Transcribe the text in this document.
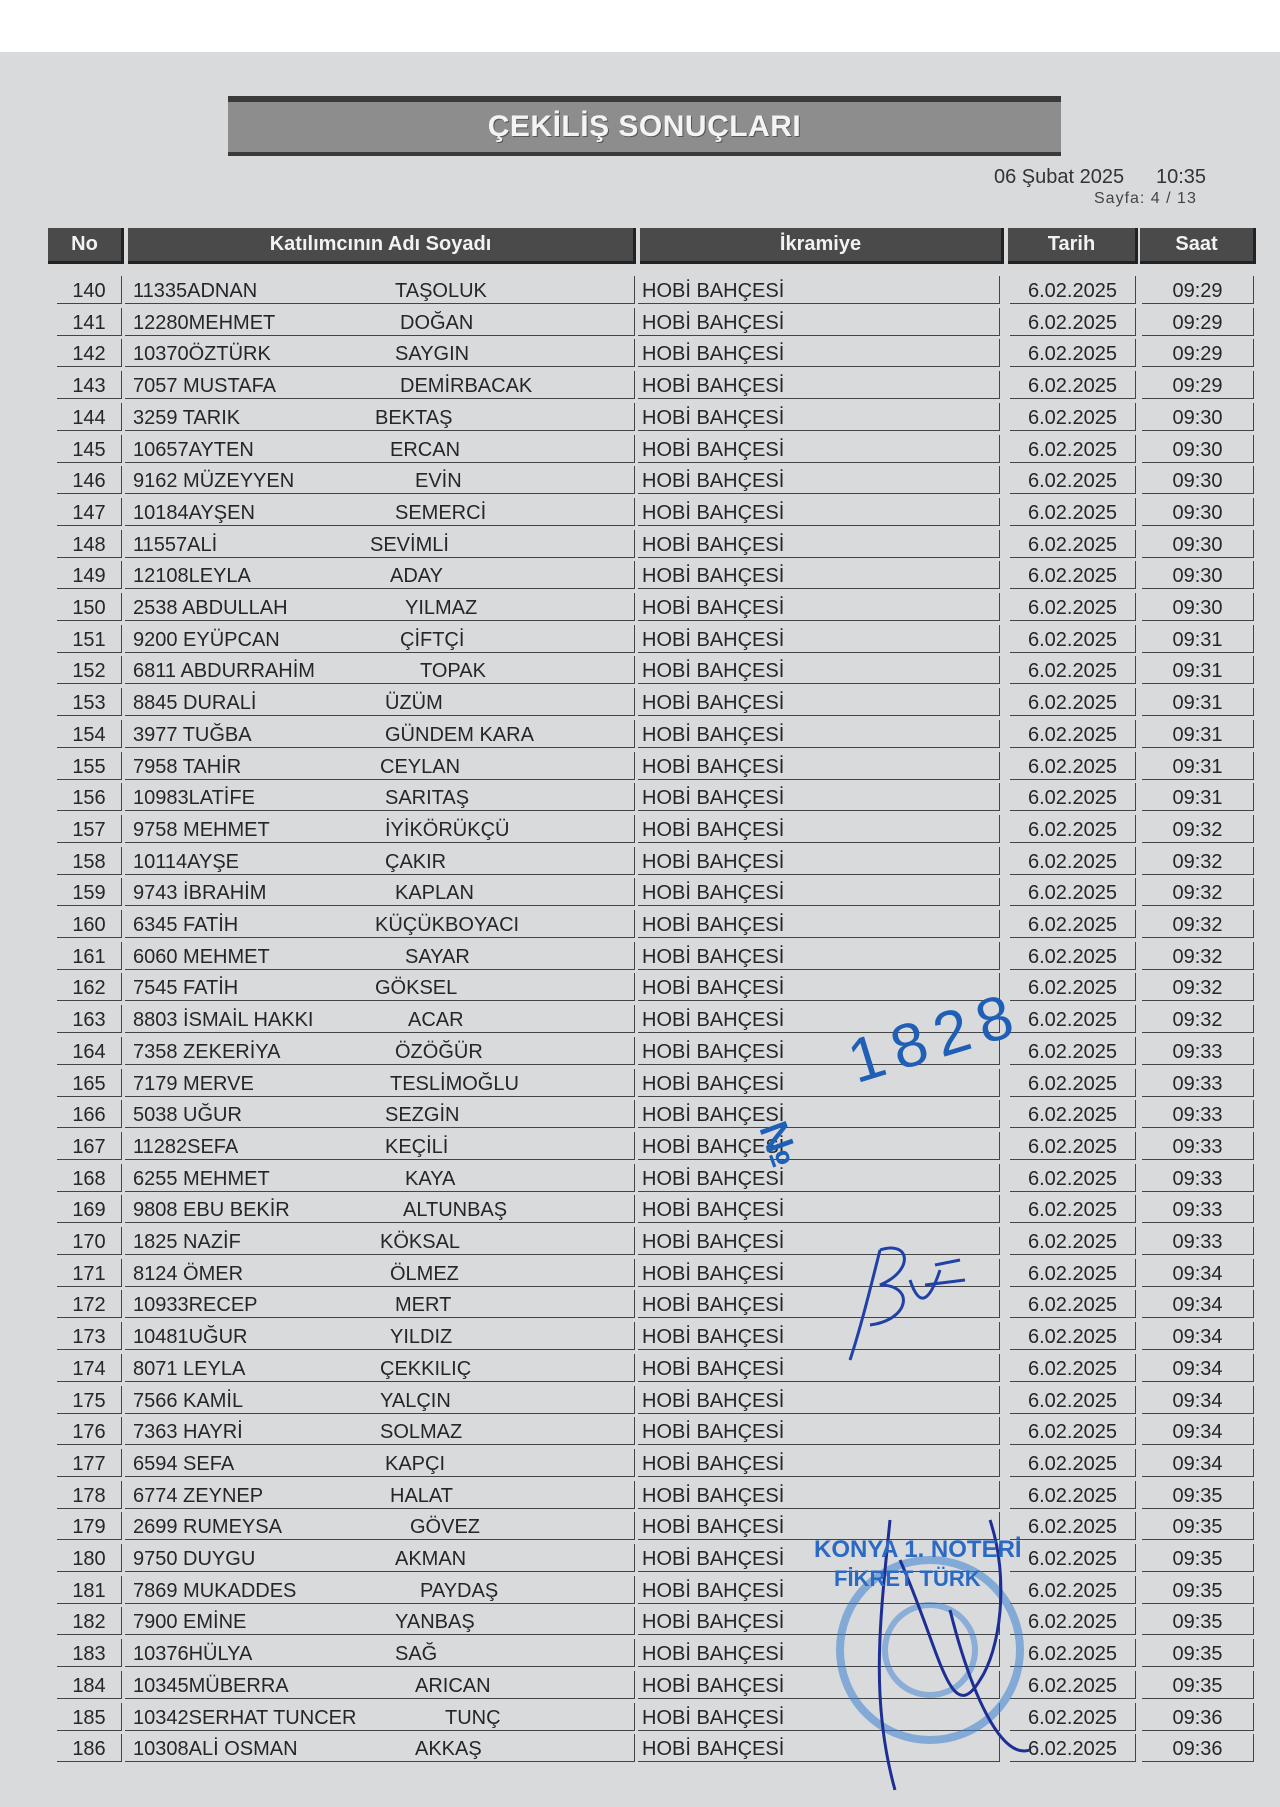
ÇEKİLİŞ SONUÇLARI
06 Şubat 2025 10:35
Sayfa: 4 / 13
No	Katılımcının Adı Soyadı	İkramiye	Tarih	Saat
140	11335ADNAN	TAŞOLUK	HOBİ BAHÇESİ	6.02.2025	09:29
141	12280MEHMET	DOĞAN	HOBİ BAHÇESİ	6.02.2025	09:29
142	10370ÖZTÜRK	SAYGIN	HOBİ BAHÇESİ	6.02.2025	09:29
143	7057 MUSTAFA	DEMİRBACAK	HOBİ BAHÇESİ	6.02.2025	09:29
144	3259 TARIK	BEKTAŞ	HOBİ BAHÇESİ	6.02.2025	09:30
145	10657AYTEN	ERCAN	HOBİ BAHÇESİ	6.02.2025	09:30
146	9162 MÜZEYYEN	EVİN	HOBİ BAHÇESİ	6.02.2025	09:30
147	10184AYŞEN	SEMERCİ	HOBİ BAHÇESİ	6.02.2025	09:30
148	11557ALİ	SEVİMLİ	HOBİ BAHÇESİ	6.02.2025	09:30
149	12108LEYLA	ADAY	HOBİ BAHÇESİ	6.02.2025	09:30
150	2538 ABDULLAH	YILMAZ	HOBİ BAHÇESİ	6.02.2025	09:30
151	9200 EYÜPCAN	ÇİFTÇİ	HOBİ BAHÇESİ	6.02.2025	09:31
152	6811 ABDURRAHİM	TOPAK	HOBİ BAHÇESİ	6.02.2025	09:31
153	8845 DURALİ	ÜZÜM	HOBİ BAHÇESİ	6.02.2025	09:31
154	3977 TUĞBA	GÜNDEM KARA	HOBİ BAHÇESİ	6.02.2025	09:31
155	7958 TAHİR	CEYLAN	HOBİ BAHÇESİ	6.02.2025	09:31
156	10983LATİFE	SARITAŞ	HOBİ BAHÇESİ	6.02.2025	09:31
157	9758 MEHMET	İYİKÖRÜKÇÜ	HOBİ BAHÇESİ	6.02.2025	09:32
158	10114AYŞE	ÇAKIR	HOBİ BAHÇESİ	6.02.2025	09:32
159	9743 İBRAHİM	KAPLAN	HOBİ BAHÇESİ	6.02.2025	09:32
160	6345 FATİH	KÜÇÜKBOYACI	HOBİ BAHÇESİ	6.02.2025	09:32
161	6060 MEHMET	SAYAR	HOBİ BAHÇESİ	6.02.2025	09:32
162	7545 FATİH	GÖKSEL	HOBİ BAHÇESİ	6.02.2025	09:32
163	8803 İSMAİL HAKKI	ACAR	HOBİ BAHÇESİ	6.02.2025	09:32
164	7358 ZEKERİYA	ÖZÖĞÜR	HOBİ BAHÇESİ	6.02.2025	09:33
165	7179 MERVE	TESLİMOĞLU	HOBİ BAHÇESİ	6.02.2025	09:33
166	5038 UĞUR	SEZGİN	HOBİ BAHÇESİ	6.02.2025	09:33
167	11282SEFA	KEÇİLİ	HOBİ BAHÇESİ	6.02.2025	09:33
168	6255 MEHMET	KAYA	HOBİ BAHÇESİ	6.02.2025	09:33
169	9808 EBU BEKİR	ALTUNBAŞ	HOBİ BAHÇESİ	6.02.2025	09:33
170	1825 NAZİF	KÖKSAL	HOBİ BAHÇESİ	6.02.2025	09:33
171	8124 ÖMER	ÖLMEZ	HOBİ BAHÇESİ	6.02.2025	09:34
172	10933RECEP	MERT	HOBİ BAHÇESİ	6.02.2025	09:34
173	10481UĞUR	YILDIZ	HOBİ BAHÇESİ	6.02.2025	09:34
174	8071 LEYLA	ÇEKKILIÇ	HOBİ BAHÇESİ	6.02.2025	09:34
175	7566 KAMİL	YALÇIN	HOBİ BAHÇESİ	6.02.2025	09:34
176	7363 HAYRİ	SOLMAZ	HOBİ BAHÇESİ	6.02.2025	09:34
177	6594 SEFA	KAPÇI	HOBİ BAHÇESİ	6.02.2025	09:34
178	6774 ZEYNEP	HALAT	HOBİ BAHÇESİ	6.02.2025	09:35
179	2699 RUMEYSA	GÖVEZ	HOBİ BAHÇESİ	6.02.2025	09:35
180	9750 DUYGU	AKMAN	HOBİ BAHÇESİ	6.02.2025	09:35
181	7869 MUKADDES	PAYDAŞ	HOBİ BAHÇESİ	6.02.2025	09:35
182	7900 EMİNE	YANBAŞ	HOBİ BAHÇESİ	6.02.2025	09:35
183	10376HÜLYA	SAĞ	HOBİ BAHÇESİ	6.02.2025	09:35
184	10345MÜBERRA	ARICAN	HOBİ BAHÇESİ	6.02.2025	09:35
185	10342SERHAT TUNCER	TUNÇ	HOBİ BAHÇESİ	6.02.2025	09:36
186	10308ALİ OSMAN	AKKAŞ	HOBİ BAHÇESİ	6.02.2025	09:36
1828
№
KONYA 1. NOTERİ
FİKRET TÜRK
